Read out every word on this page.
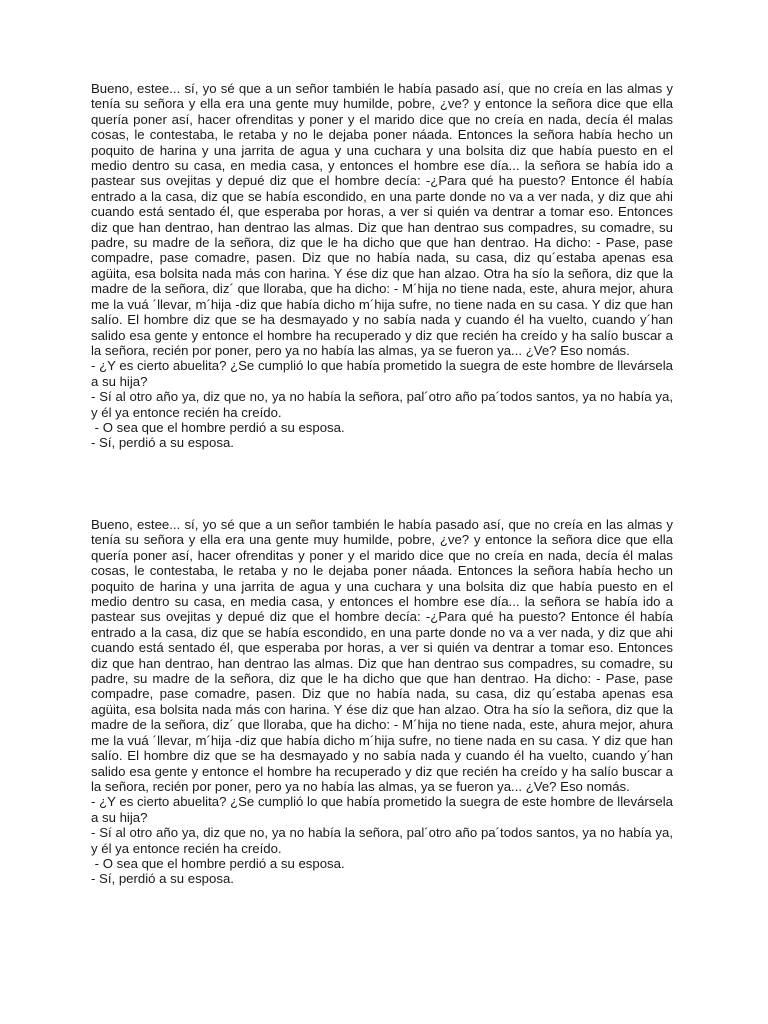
Bueno, estee... sí, yo sé que a un señor también le había pasado así, que no creía en las almas y tenía su señora y ella era una gente muy humilde, pobre, ¿ve? y entonce la señora dice que ella quería poner así, hacer ofrenditas y poner y el marido dice que no creía en nada, decía él malas cosas, le contestaba, le retaba y no le dejaba poner náada. Entonces la señora había hecho un poquito de harina y una jarrita de agua y una cuchara y una bolsita diz que había puesto en el medio dentro su casa, en media casa, y entonces el hombre ese día... la señora se había ido a pastear sus ovejitas y depué diz que el hombre decía: -¿Para qué ha puesto? Entonce él había entrado a la casa, diz que se había escondido, en una parte donde no va a ver nada, y diz que ahi cuando está sentado él, que esperaba por horas, a ver si quién va dentrar a tomar eso. Entonces diz que han dentrao, han dentrao las almas. Diz que han dentrao sus compadres, su comadre, su padre, su madre de la señora, diz que le ha dicho que que han dentrao. Ha dicho: - Pase, pase compadre, pase comadre, pasen. Diz que no había nada, su casa, diz qu´estaba apenas esa agüita, esa bolsita nada más con harina. Y ése diz que han alzao. Otra ha sío la señora, diz que la madre de la señora, diz´ que lloraba, que ha dicho: - M´hija no tiene nada, este, ahura mejor, ahura me la vuá ´llevar, m´hija -diz que había dicho m´hija sufre, no tiene nada en su casa. Y diz que han salío. El hombre diz que se ha desmayado y no sabía nada y cuando él ha vuelto, cuando y´han salido esa gente y entonce el hombre ha recuperado y diz que recién ha creído y ha salío buscar a la señora, recién por poner, pero ya no había las almas, ya se fueron ya... ¿Ve? Eso nomás.

- ¿Y es cierto abuelita? ¿Se cumplió lo que había prometido la suegra de este hombre de llevársela a su hija?

- Sí al otro año ya, diz que no, ya no había la señora, pal´otro año pa´todos santos, ya no había ya, y él ya entonce recién ha creído.

- O sea que el hombre perdió a su esposa.

- Sí, perdió a su esposa.

Bueno, estee... sí, yo sé que a un señor también le había pasado así, que no creía en las almas y tenía su señora y ella era una gente muy humilde, pobre, ¿ve? y entonce la señora dice que ella quería poner así, hacer ofrenditas y poner y el marido dice que no creía en nada, decía él malas cosas, le contestaba, le retaba y no le dejaba poner náada. Entonces la señora había hecho un poquito de harina y una jarrita de agua y una cuchara y una bolsita diz que había puesto en el medio dentro su casa, en media casa, y entonces el hombre ese día... la señora se había ido a pastear sus ovejitas y depué diz que el hombre decía: -¿Para qué ha puesto? Entonce él había entrado a la casa, diz que se había escondido, en una parte donde no va a ver nada, y diz que ahi cuando está sentado él, que esperaba por horas, a ver si quién va dentrar a tomar eso. Entonces diz que han dentrao, han dentrao las almas. Diz que han dentrao sus compadres, su comadre, su padre, su madre de la señora, diz que le ha dicho que que han dentrao. Ha dicho: - Pase, pase compadre, pase comadre, pasen. Diz que no había nada, su casa, diz qu´estaba apenas esa agüita, esa bolsita nada más con harina. Y ése diz que han alzao. Otra ha sío la señora, diz que la madre de la señora, diz´ que lloraba, que ha dicho: - M´hija no tiene nada, este, ahura mejor, ahura me la vuá ´llevar, m´hija -diz que había dicho m´hija sufre, no tiene nada en su casa. Y diz que han salío. El hombre diz que se ha desmayado y no sabía nada y cuando él ha vuelto, cuando y´han salido esa gente y entonce el hombre ha recuperado y diz que recién ha creído y ha salío buscar a la señora, recién por poner, pero ya no había las almas, ya se fueron ya... ¿Ve? Eso nomás.

- ¿Y es cierto abuelita? ¿Se cumplió lo que había prometido la suegra de este hombre de llevársela a su hija?

- Sí al otro año ya, diz que no, ya no había la señora, pal´otro año pa´todos santos, ya no había ya, y él ya entonce recién ha creído.

- O sea que el hombre perdió a su esposa.

- Sí, perdió a su esposa.
